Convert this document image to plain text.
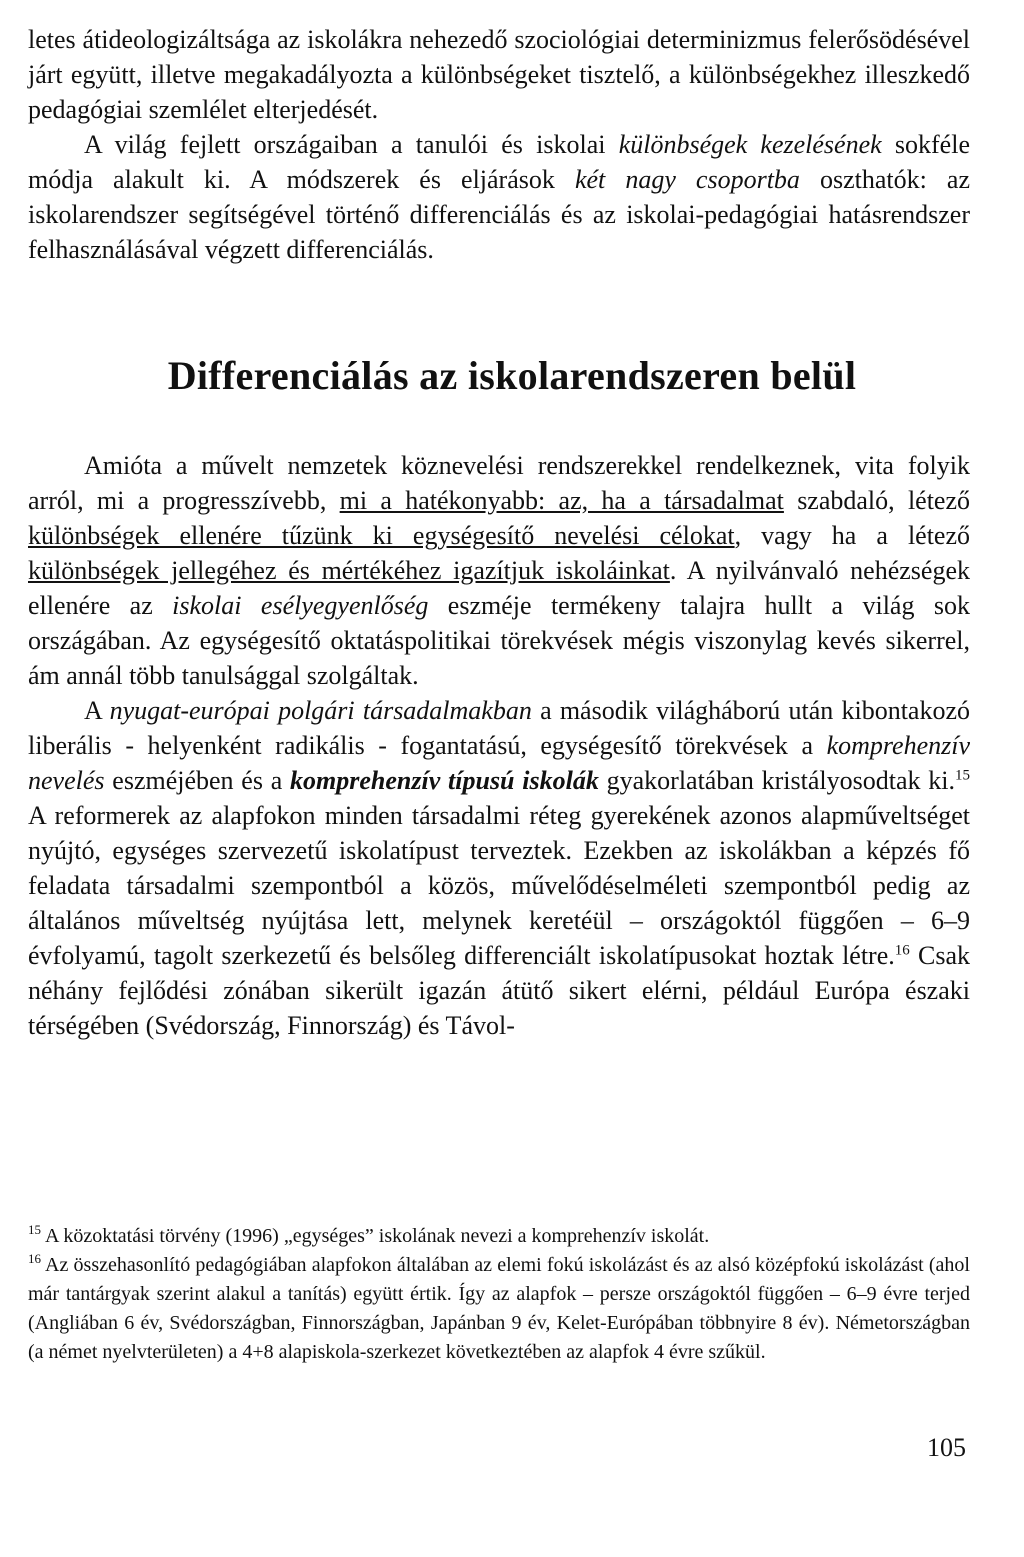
letes átideologizáltsága az iskolákra nehezedő szociológiai determinizmus felerősödésével járt együtt, illetve megakadályozta a különbségeket tisztelő, a különbségekhez illeszkedő pedagógiai szemlélet elterjedését.

A világ fejlett országaiban a tanulói és iskolai különbségek kezelésének sokféle módja alakult ki. A módszerek és eljárások két nagy csoportba oszthatók: az iskolarendszer segítségével történő differenciálás és az iskolai-pedagógiai hatásrendszer felhasználásával végzett differenciálás.

Differenciálás az iskolarendszeren belül

Amióta a művelt nemzetek köznevelési rendszerekkel rendelkeznek, vita folyik arról, mi a progresszívebb, mi a hatékonyabb: az, ha a társadalmat szabdaló, létező különbségek ellenére tűzünk ki egységesítő nevelési célokat, vagy ha a létező különbségek jellegéhez és mértékéhez igazítjuk iskoláinkat. A nyilvánvaló nehézségek ellenére az iskolai esélyegyenlőség eszméje termékeny talajra hullt a világ sok országában. Az egységesítő oktatáspolitikai törekvések mégis viszonylag kevés sikerrel, ám annál több tanulsággal szolgáltak.

A nyugat-európai polgári társadalmakban a második világháború után kibontakozó liberális - helyenként radikális - fogantatású, egységesítő törekvések a komprehenzív nevelés eszméjében és a komprehenzív típusú iskolák gyakorlatában kristályosodtak ki.$^{15}$ A reformerek az alapfokon minden társadalmi réteg gyerekének azonos alapműveltséget nyújtó, egységes szervezetű iskolatípust terveztek. Ezekben az iskolákban a képzés fő feladata társadalmi szempontból a közös, művelődéselméleti szempontból pedig az általános műveltség nyújtása lett, melynek keretéül – országoktól függően – 6–9 évfolyamú, tagolt szerkezetű és belsőleg differenciált iskolatípusokat hoztak létre.$^{16}$ Csak néhány fejlődési zónában sikerült igazán átütő sikert elérni, például Európa északi térségében (Svédország, Finnország) és Távol-

$^{15}$ A közoktatási törvény (1996) „egységes” iskolának nevezi a komprehenzív iskolát.

$^{16}$ Az összehasonlító pedagógiában alapfokon általában az elemi fokú iskolázást és az alsó középfokú iskolázást (ahol már tantárgyak szerint alakul a tanítás) együtt értik. Így az alapfok – persze országoktól függően – 6–9 évre terjed (Angliában 6 év, Svédországban, Finnországban, Japánban 9 év, Kelet-Európában többnyire 8 év). Németországban (a német nyelvterületen) a 4+8 alapiskola-szerkezet következtében az alapfok 4 évre szűkül.

105
